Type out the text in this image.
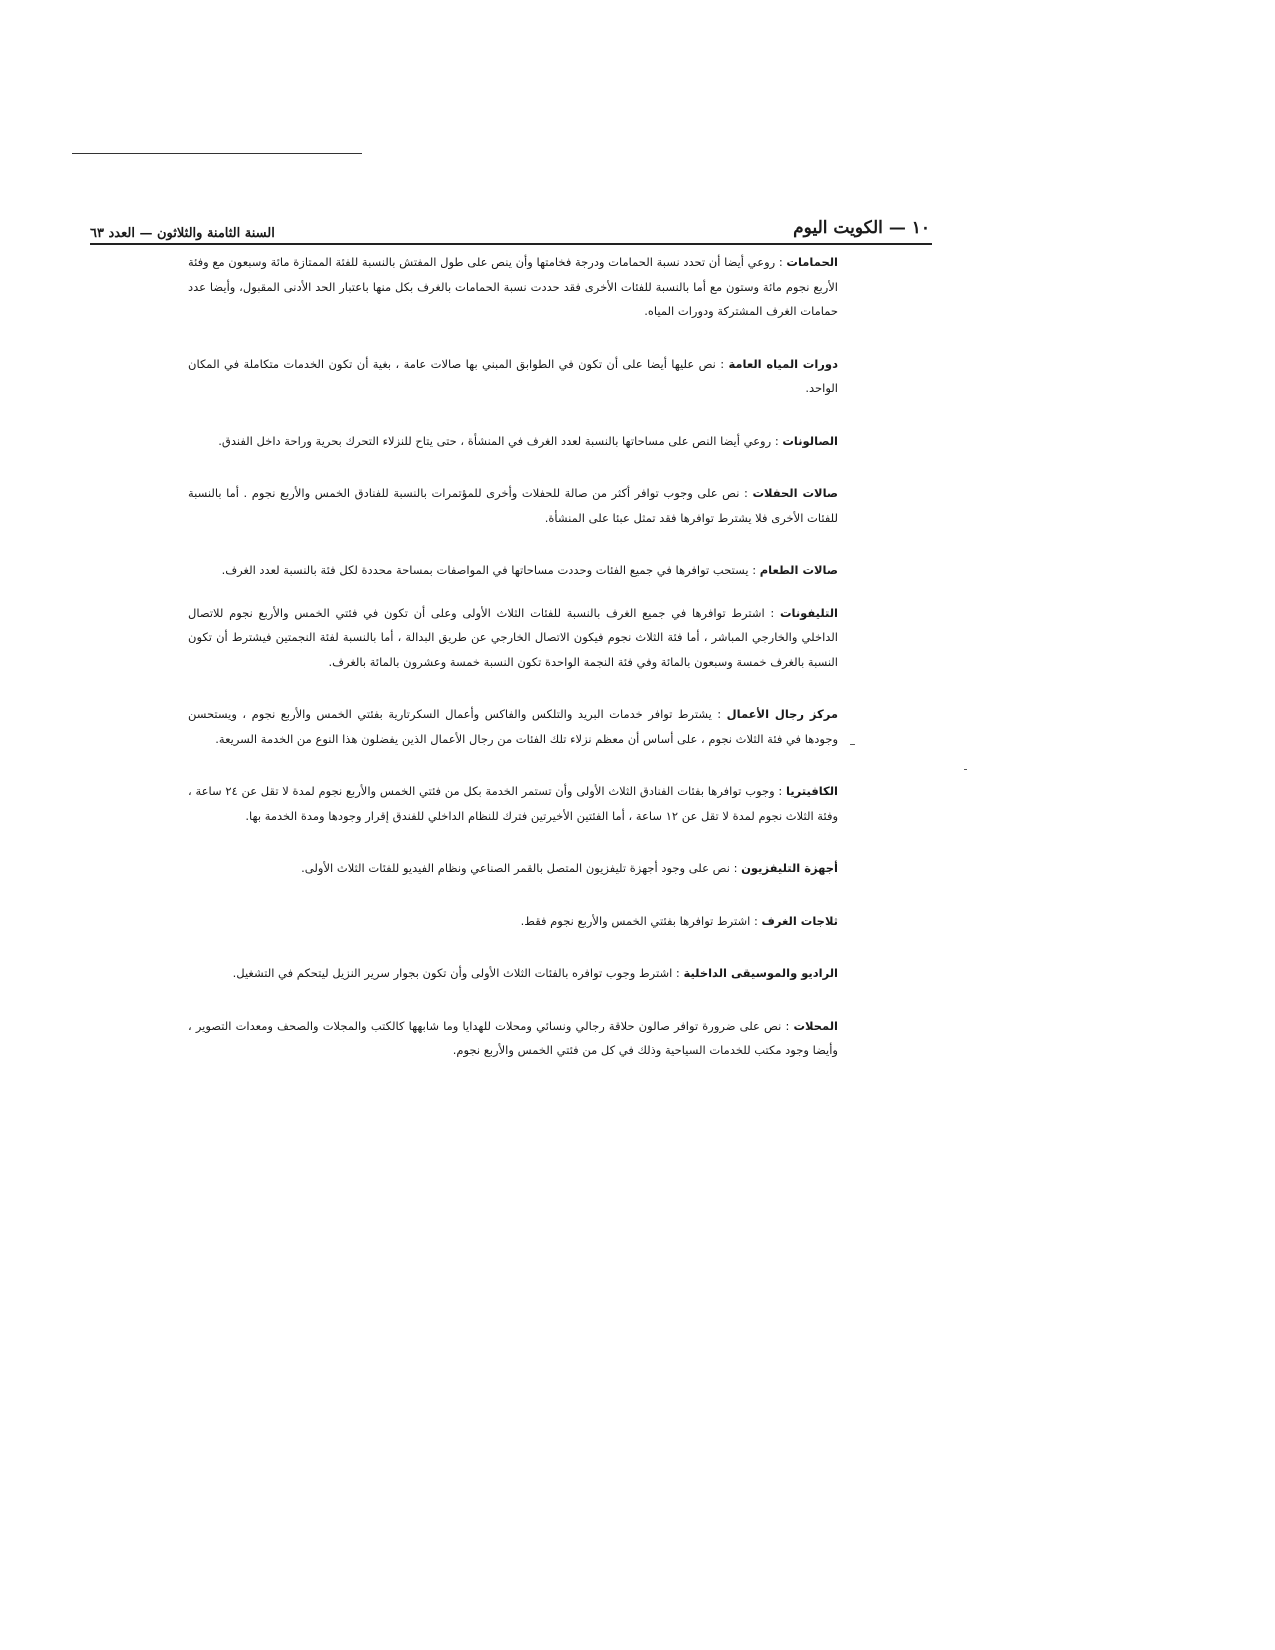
١٠ — الكويت اليوم
السنة الثامنة والثلاثون — العدد ٦٣

الحمامات : روعي أيضا أن تحدد نسبة الحمامات ودرجة فخامتها وأن ينص على طول المفتش بالنسبة للفئة الممتازة مائة وسبعون مع وفئة الأربع نجوم مائة وستون مع أما بالنسبة للفئات الأخرى فقد حددت نسبة الحمامات بالغرف بكل منها باعتبار الحد الأدنى المقبول، وأيضا عدد حمامات الغرف المشتركة ودورات المياه.

دورات المياه العامة : نص عليها أيضا على أن تكون في الطوابق المبني بها صالات عامة ، بغية أن تكون الخدمات متكاملة في المكان الواحد.

الصالونات : روعي أيضا النص على مساحاتها بالنسبة لعدد الغرف في المنشأة ، حتى يتاح للنزلاء التحرك بحرية وراحة داخل الفندق.

صالات الحفلات : نص على وجوب توافر أكثر من صالة للحفلات وأخرى للمؤتمرات بالنسبة للفنادق الخمس والأربع نجوم . أما بالنسبة للفئات الأخرى فلا يشترط توافرها فقد تمثل عبئا على المنشأة.

صالات الطعام : يستحب توافرها في جميع الفئات وحددت مساحاتها في المواصفات بمساحة محددة لكل فئة بالنسبة لعدد الغرف.

التليفونات : اشترط توافرها في جميع الغرف بالنسبة للفئات الثلاث الأولى وعلى أن تكون في فئتي الخمس والأربع نجوم للاتصال الداخلي والخارجي المباشر ، أما فئة الثلاث نجوم فيكون الاتصال الخارجي عن طريق البدالة ، أما بالنسبة لفئة النجمتين فيشترط أن تكون النسبة بالغرف خمسة وسبعون بالمائة وفي فئة النجمة الواحدة تكون النسبة خمسة وعشرون بالمائة بالغرف.

مركز رجال الأعمال : يشترط توافر خدمات البريد والتلكس والفاكس وأعمال السكرتارية بفئتي الخمس والأربع نجوم ، ويستحسن وجودها في فئة الثلاث نجوم ، على أساس أن معظم نزلاء تلك الفئات من رجال الأعمال الذين يفضلون هذا النوع من الخدمة السريعة.

الكافيتريا : وجوب توافرها بفئات الفنادق الثلاث الأولى وأن تستمر الخدمة بكل من فئتي الخمس والأربع نجوم لمدة لا تقل عن ٢٤ ساعة ، وفئة الثلاث نجوم لمدة لا تقل عن ١٢ ساعة ، أما الفئتين الأخيرتين فترك للنظام الداخلي للفندق إقرار وجودها ومدة الخدمة بها.

أجهزة التليفزيون : نص على وجود أجهزة تليفزيون المتصل بالقمر الصناعي ونظام الفيديو للفئات الثلاث الأولى.

ثلاجات الغرف : اشترط توافرها بفئتي الخمس والأربع نجوم فقط.

الراديو والموسيقى الداخلية : اشترط وجوب توافره بالفئات الثلاث الأولى وأن تكون بجوار سرير النزيل ليتحكم في التشغيل.

المحلات : نص على ضرورة توافر صالون حلاقة رجالي ونسائي ومحلات للهدايا وما شابهها كالكتب والمجلات والصحف ومعدات التصوير ، وأيضا وجود مكتب للخدمات السياحية وذلك في كل من فئتي الخمس والأربع نجوم.
